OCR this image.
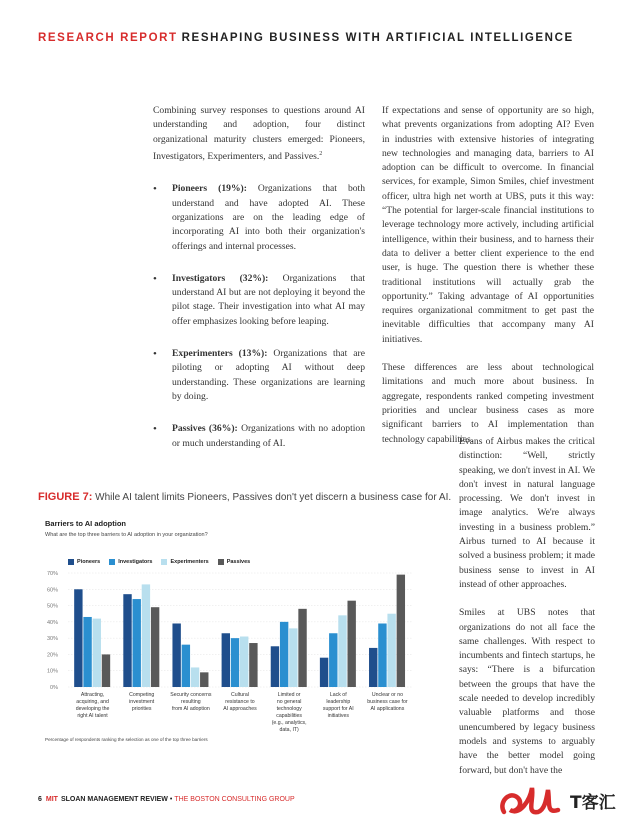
RESEARCH REPORT RESHAPING BUSINESS WITH ARTIFICIAL INTELLIGENCE

Combining survey responses to questions around AI understanding and adoption, four distinct organizational maturity clusters emerged: Pioneers, Investigators, Experimenters, and Passives.$^2$

• Pioneers (19%): Organizations that both understand and have adopted AI. These organizations are on the leading edge of incorporating AI into both their organization's offerings and internal processes.
• Investigators (32%): Organizations that understand AI but are not deploying it beyond the pilot stage. Their investigation into what AI may offer emphasizes looking before leaping.
• Experimenters (13%): Organizations that are piloting or adopting AI without deep understanding. These organizations are learning by doing.
• Passives (36%): Organizations with no adoption or much understanding of AI.

If expectations and sense of opportunity are so high, what prevents organizations from adopting AI? Even in industries with extensive histories of integrating new technologies and managing data, barriers to AI adoption can be difficult to overcome. In financial services, for example, Simon Smiles, chief investment officer, ultra high net worth at UBS, puts it this way: “The potential for larger-scale financial institutions to leverage technology more actively, including artificial intelligence, within their business, and to harness their data to deliver a better client experience to the end user, is huge. The question there is whether these traditional institutions will actually grab the opportunity.” Taking advantage of AI opportunities requires organizational commitment to get past the inevitable difficulties that accompany many AI initiatives.

These differences are less about technological limitations and much more about business. In aggregate, respondents ranked competing investment priorities and unclear business cases as more significant barriers to AI implementation than technology capabilities.

Evans of Airbus makes the critical distinction: “Well, strictly speaking, we don't invest in AI. We don't invest in natural language processing. We don't invest in image analytics. We're always investing in a business problem.” Airbus turned to AI because it solved a business problem; it made business sense to invest in AI instead of other approaches.

Smiles at UBS notes that organizations do not all face the same challenges. With respect to incumbents and fintech startups, he says: “There is a bifurcation between the groups that have the scale needed to develop incredibly valuable platforms and those unencumbered by legacy business models and systems to arguably have the better model going forward, but don't have the

FIGURE 7: While AI talent limits Pioneers, Passives don't yet discern a business case for AI.
Barriers to AI adoption
What are the top three barriers to AI adoption in your organization?
Pioneers	Investigators	Experimenters	Passives
0%
10%
20%
30%
40%
50%
60%
70%
Attracting,
acquiring, and
developing the
right AI talent
Competing
investment
priorities
Security concerns
resulting
from AI adoption
Cultural
resistance to
AI approaches
Limited or
no general
technology
capabilities
(e.g., analytics,
data, IT)
Lack of
leadership
support for AI
initiatives
Unclear or no
business case for
AI applications
Percentage of respondents ranking the selection as one of the top three barriers
6 MIT SLOAN MANAGEMENT REVIEW • THE BOSTON CONSULTING GROUP	T客汇
